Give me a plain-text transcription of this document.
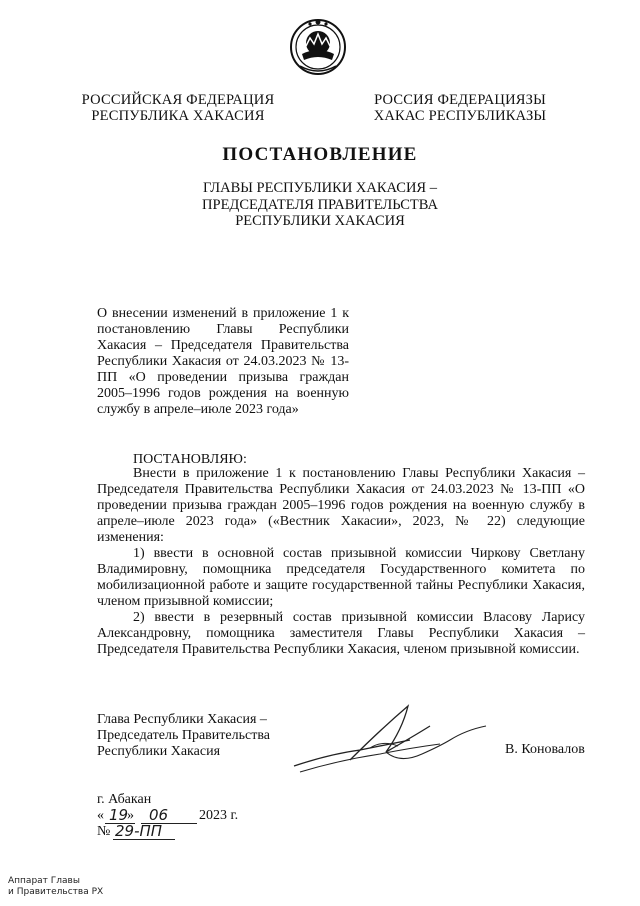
РОССИЙСКАЯ ФЕДЕРАЦИЯ
РЕСПУБЛИКА ХАКАСИЯ
РОССИЯ ФЕДЕРАЦИЯЗЫ
ХАКАС РЕСПУБЛИКАЗЫ
ПОСТАНОВЛЕНИЕ
ГЛАВЫ РЕСПУБЛИКИ ХАКАСИЯ –
ПРЕДСЕДАТЕЛЯ ПРАВИТЕЛЬСТВА
РЕСПУБЛИКИ ХАКАСИЯ
О внесении изменений в приложение 1 к постановлению Главы Республики Хакасия – Председателя Правительства Республики Хакасия от 24.03.2023 № 13-ПП «О проведении призыва граждан 2005–1996 годов рождения на военную службу в апреле–июле 2023 года»
ПОСТАНОВЛЯЮ:

Внести в приложение 1 к постановлению Главы Республики Хакасия – Председателя Правительства Республики Хакасия от 24.03.2023 № 13-ПП «О проведении призыва граждан 2005–1996 годов рождения на военную службу в апреле–июле 2023 года» («Вестник Хакасии», 2023, № 22) следующие изменения:

1) ввести в основной состав призывной комиссии Чиркову Светлану Владимировну, помощника председателя Государственного комитета по мобилизационной работе и защите государственной тайны Республики Хакасия, членом призывной комиссии;

2) ввести в резервный состав призывной комиссии Власову Ларису Александровну, помощника заместителя Главы Республики Хакасия – Председателя Правительства Республики Хакасия, членом призывной комиссии.

Глава Республики Хакасия –
Председатель Правительства
Республики Хакасия	В. Коновалов
г. Абакан
« 19
» 06 2023 г.
№ 29-ПП
Аппарат Главы
и Правительства РХ
